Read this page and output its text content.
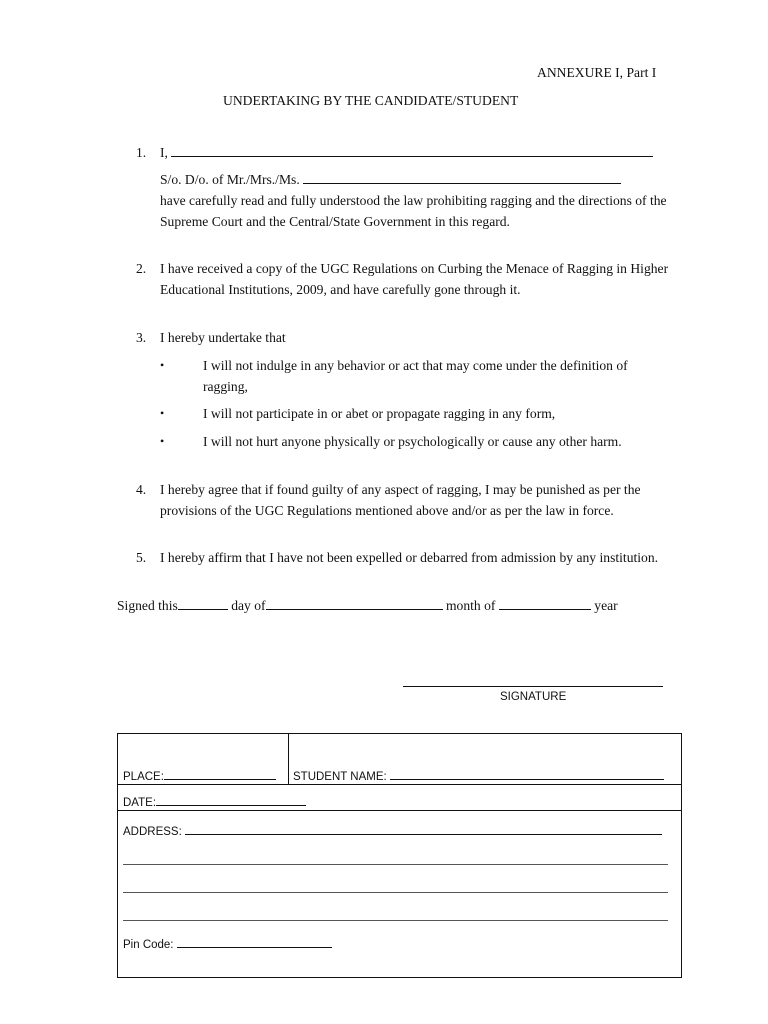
ANNEXURE I, Part I
UNDERTAKING BY THE CANDIDATE/STUDENT
1. I,
S/o. D/o. of Mr./Mrs./Ms.
have carefully read and fully understood the law prohibiting ragging and the directions of the Supreme Court and the Central/State Government in this regard.
2. I have received a copy of the UGC Regulations on Curbing the Menace of Ragging in Higher Educational Institutions, 2009, and have carefully gone through it.
3. I hereby undertake that
•	I will not indulge in any behavior or act that may come under the definition of ragging,
•	I will not participate in or abet or propagate ragging in any form,
•	I will not hurt anyone physically or psychologically or cause any other harm.
4. I hereby agree that if found guilty of any aspect of ragging, I may be punished as per the provisions of the UGC Regulations mentioned above and/or as per the law in force.
5. I hereby affirm that I have not been expelled or debarred from admission by any institution.
Signed this	day of	month of	year
SIGNATURE
PLACE:	STUDENT NAME:
DATE:
ADDRESS:
Pin Code:
